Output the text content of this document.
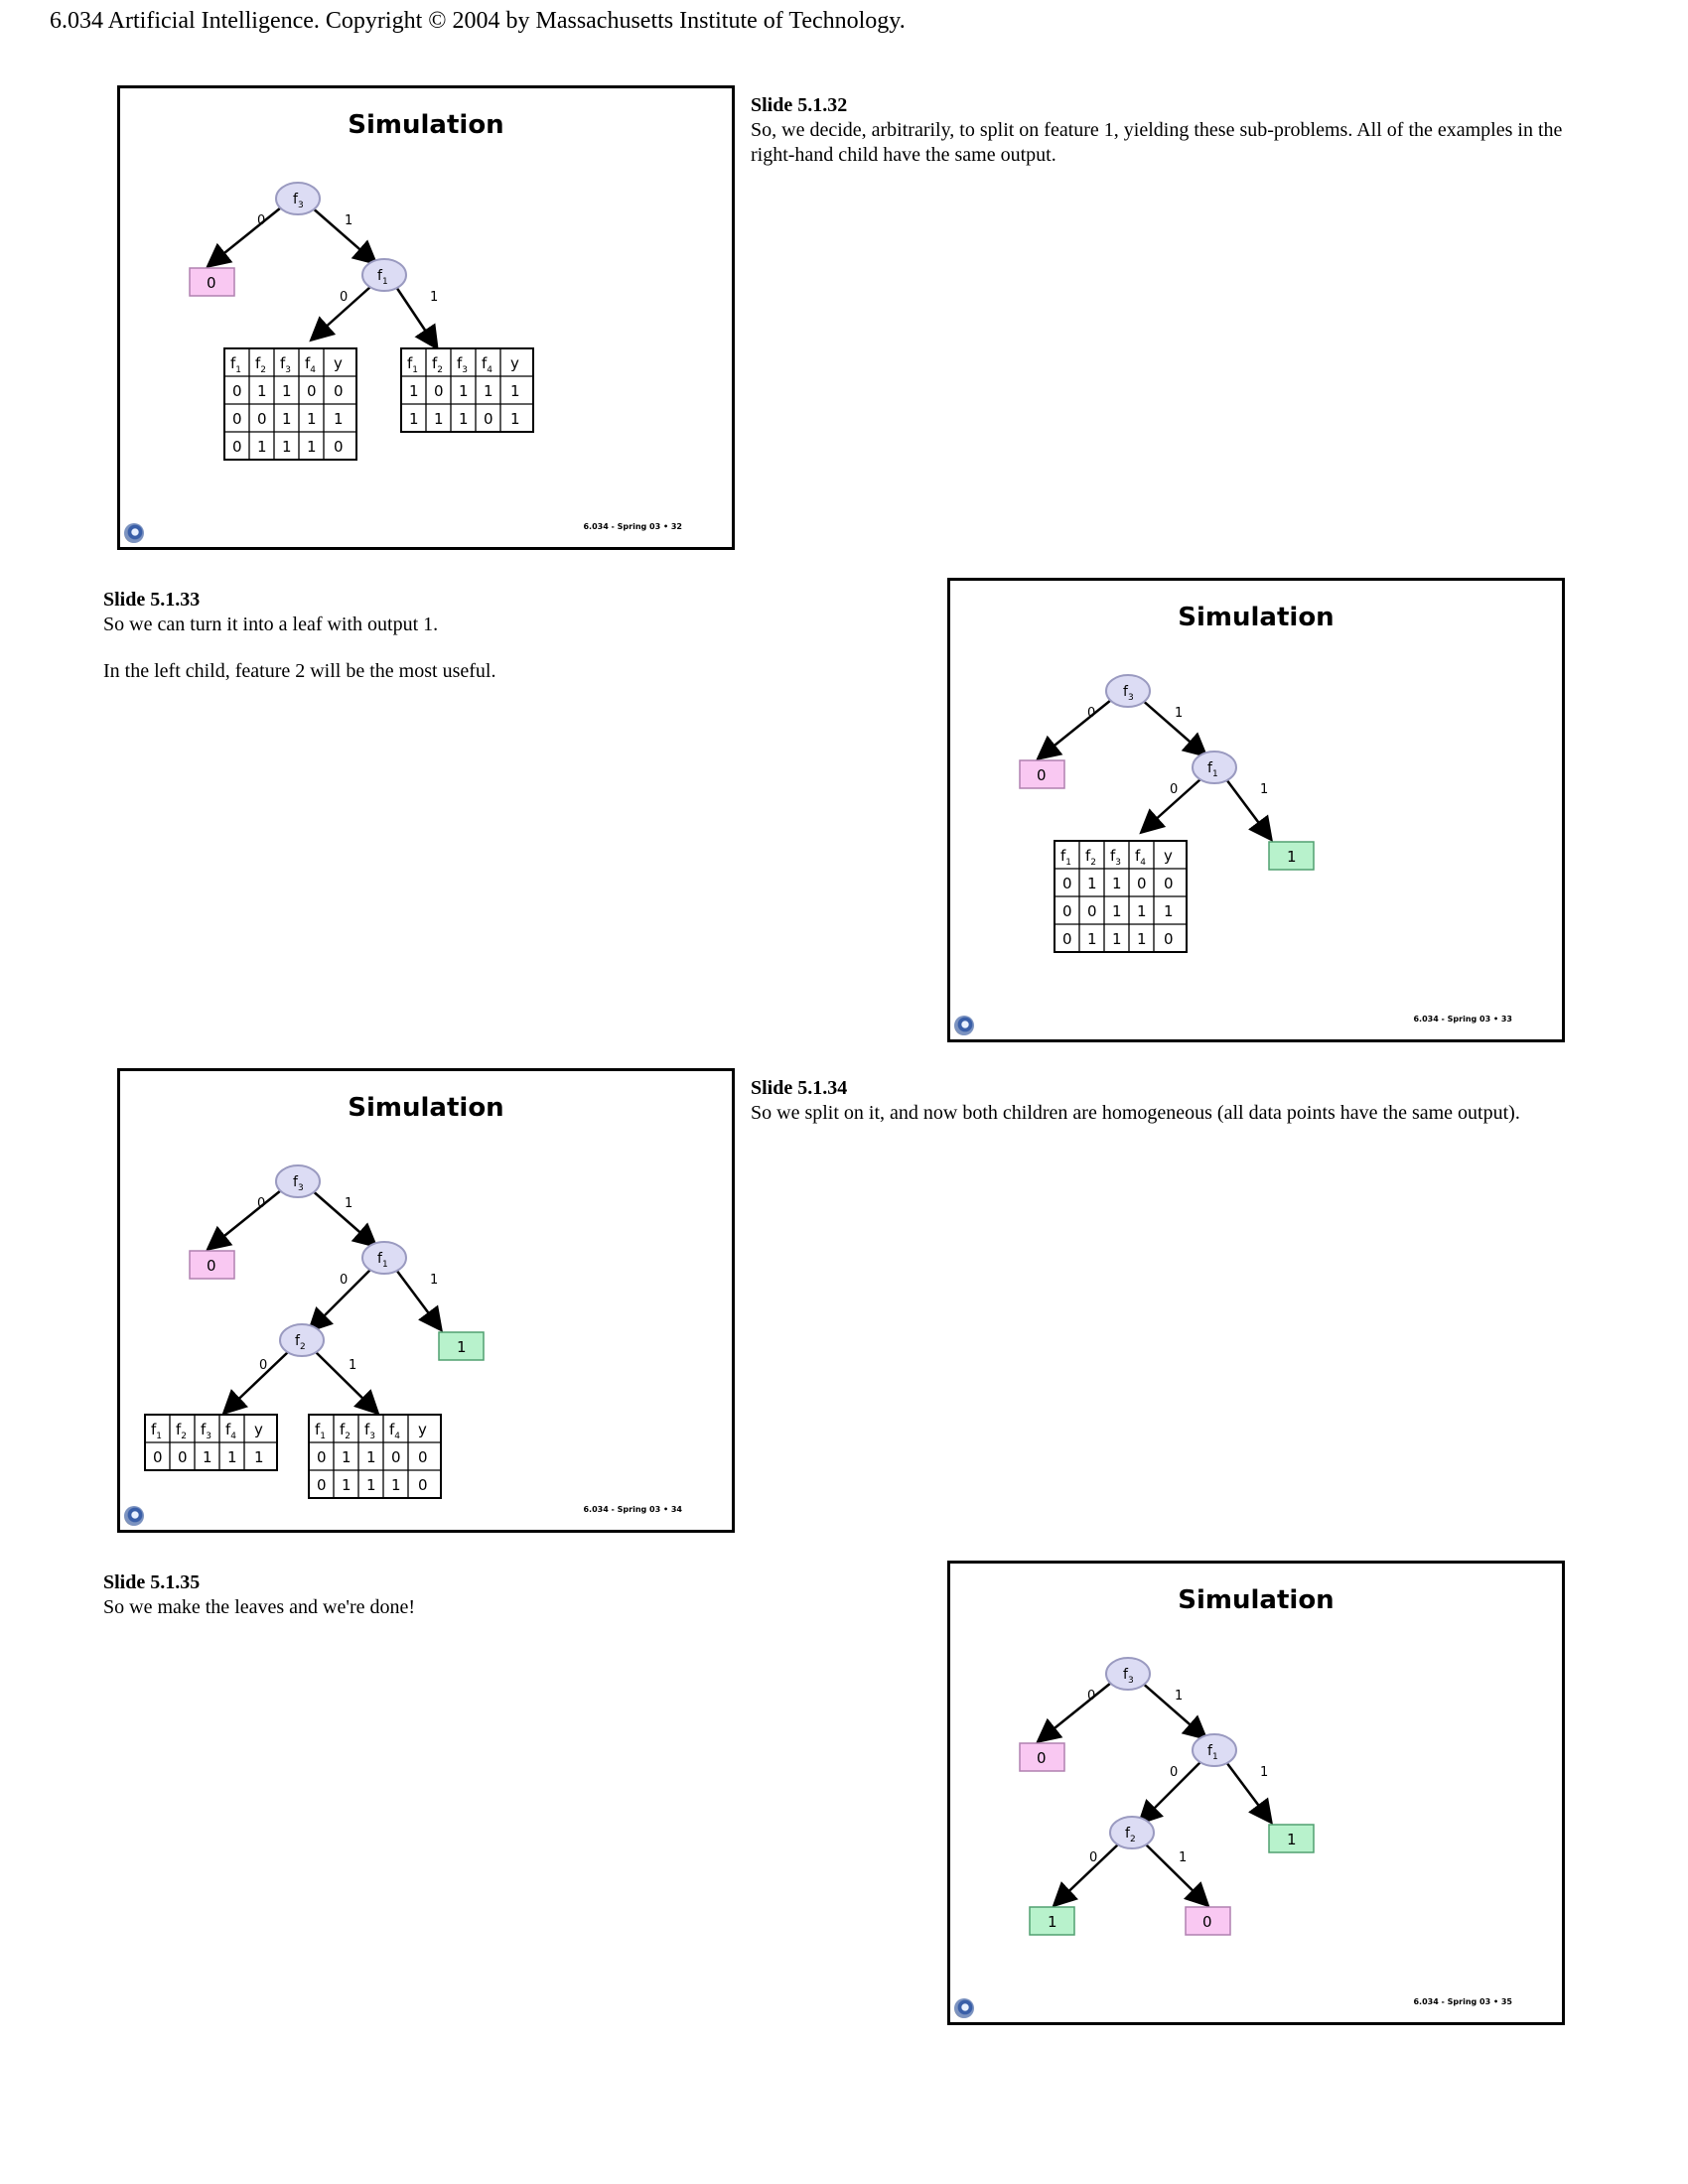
6.034 Artificial Intelligence. Copyright © 2004 by Massachusetts Institute of Technology.
Simulation
0	1
0	1
$f_3$
$f_1$
0
$f_1$ $f_2$ $f_3$ $f_4$ y
0 1 1 0 0
0 0 1 1 1
0 1 1 1 0
$f_1$ $f_2$ $f_3$ $f_4$ y
1 0 1 1 1
1 1 1 0 1
6.034 - Spring 03 • 32
Slide 5.1.32

So, we decide, arbitrarily, to split on feature 1, yielding these sub-problems. All of the examples in the right-hand child have the same output.

Slide 5.1.33

So we can turn it into a leaf with output 1.

In the left child, feature 2 will be the most useful.

Simulation
0	1
0	1
$f_3$
$f_1$
0
1
$f_1$ $f_2$ $f_3$ $f_4$ y
0 1 1 0 0
0 0 1 1 1
0 1 1 1 0
6.034 - Spring 03 • 33
Simulation
0	1
0	1
0	1
$f_3$
$f_1$
$f_2$
0
1
$f_1$ $f_2$ $f_3$ $f_4$ y
0 0 1 1 1
$f_1$ $f_2$ $f_3$ $f_4$ y
0 1 1 0 0
0 1 1 1 0
6.034 - Spring 03 • 34
Slide 5.1.34

So we split on it, and now both children are homogeneous (all data points have the same output).

Slide 5.1.35

So we make the leaves and we're done!	Simulation
0	1
0	1
0	1
$f_3$
$f_1$
$f_2$
0
1
1	0
6.034 - Spring 03 • 35
